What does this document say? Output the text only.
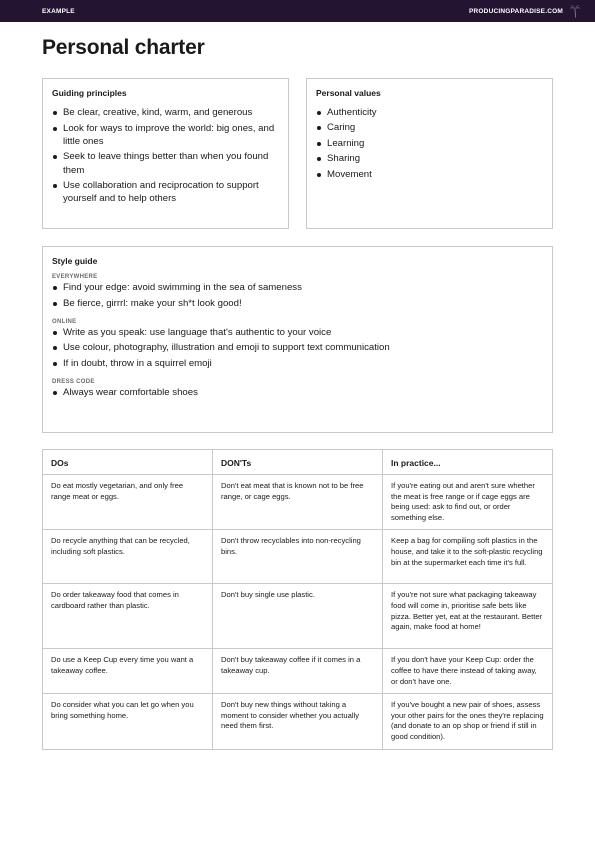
EXAMPLE	PRODUCINGPARADISE.COM
Personal charter
Guiding principles
Be clear, creative, kind, warm, and generous
Look for ways to improve the world: big ones, and little ones
Seek to leave things better than when you found them
Use collaboration and reciprocation to support yourself and to help others
Personal values
Authenticity
Caring
Learning
Sharing
Movement
Style guide
EVERYWHERE
Find your edge: avoid swimming in the sea of sameness
Be fierce, girrrl: make your sh*t look good!
ONLINE
Write as you speak: use language that's authentic to your voice
Use colour, photography, illustration and emoji to support text communication
If in doubt, throw in a squirrel emoji
DRESS CODE
Always wear comfortable shoes
DOs	DON'Ts	In practice...
Do eat mostly vegetarian, and only free range meat or eggs.	Don't eat meat that is known not to be free range, or cage eggs.	If you're eating out and aren't sure whether the meat is free range or if cage eggs are being used: ask to find out, or order something else.
Do recycle anything that can be recycled, including soft plastics.	Don't throw recyclables into non-recycling bins.	Keep a bag for compiling soft plastics in the house, and take it to the soft-plastic recycling bin at the supermarket each time it's full.
Do order takeaway food that comes in cardboard rather than plastic.	Don't buy single use plastic.	If you're not sure what packaging takeaway food will come in, prioritise safe bets like pizza. Better yet, eat at the restaurant. Better again, make food at home!
Do use a Keep Cup every time you want a takeaway coffee.	Don't buy takeaway coffee if it comes in a takeaway cup.	If you don't have your Keep Cup: order the coffee to have there instead of taking away, or don't have one.
Do consider what you can let go when you bring something home.	Don't buy new things without taking a moment to consider whether you actually need them first.	If you've bought a new pair of shoes, assess your other pairs for the ones they're replacing (and donate to an op shop or friend if still in good condition).
